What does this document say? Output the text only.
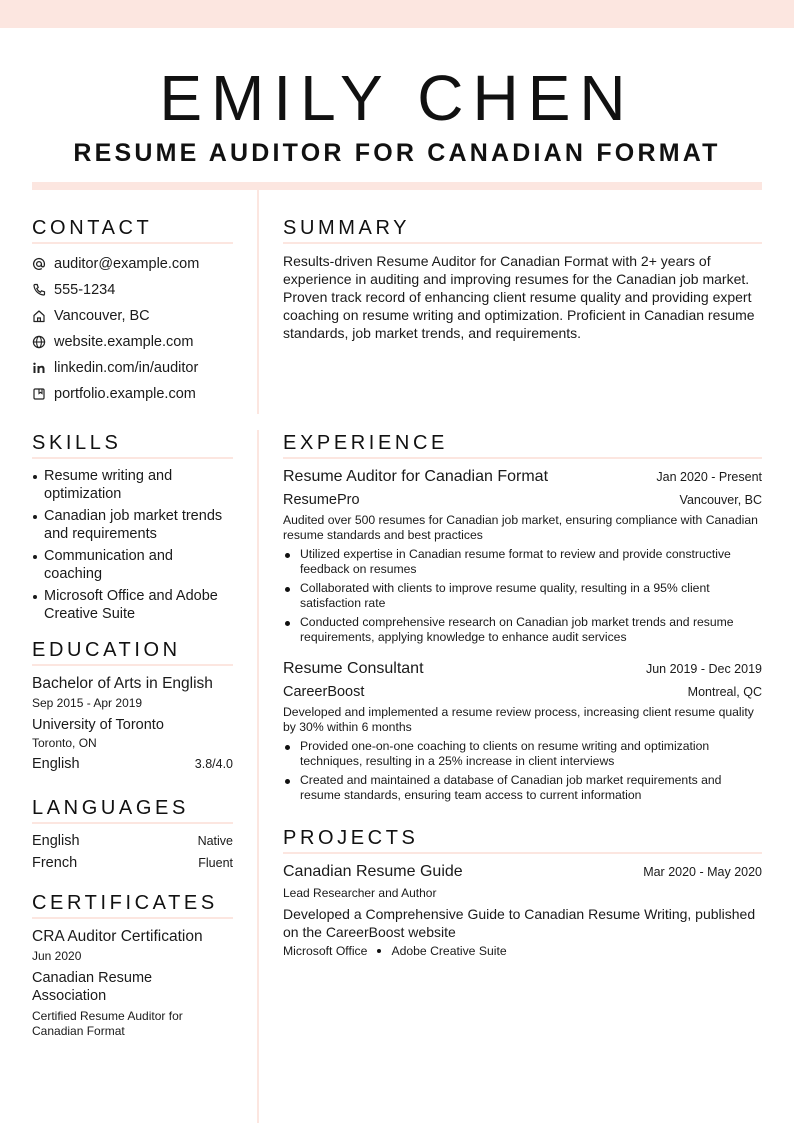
EMILY CHEN
RESUME AUDITOR FOR CANADIAN FORMAT
CONTACT
auditor@example.com
555-1234
Vancouver, BC
website.example.com
linkedin.com/in/auditor
portfolio.example.com
SUMMARY

Results-driven Resume Auditor for Canadian Format with 2+ years of experience in auditing and improving resumes for the Canadian job market. Proven track record of enhancing client resume quality and providing expert coaching on resume writing and optimization. Proficient in Canadian resume standards, job market trends, and requirements.

SKILLS
Resume writing and optimization
Canadian job market trends and requirements
Communication and coaching
Microsoft Office and Adobe Creative Suite
EDUCATION
Bachelor of Arts in English
Sep 2015 - Apr 2019
University of Toronto
Toronto, ON
English	3.8/4.0
LANGUAGES
English	Native
French	Fluent
CERTIFICATES
CRA Auditor Certification
Jun 2020
Canadian Resume Association
Certified Resume Auditor for Canadian Format
EXPERIENCE
Resume Auditor for Canadian Format	Jan 2020 - Present
ResumePro	Vancouver, BC
Audited over 500 resumes for Canadian job market, ensuring compliance with Canadian resume standards and best practices
Utilized expertise in Canadian resume format to review and provide constructive feedback on resumes
Collaborated with clients to improve resume quality, resulting in a 95% client satisfaction rate
Conducted comprehensive research on Canadian job market trends and resume requirements, applying knowledge to enhance audit services
Resume Consultant	Jun 2019 - Dec 2019
CareerBoost	Montreal, QC
Developed and implemented a resume review process, increasing client resume quality by 30% within 6 months
Provided one-on-one coaching to clients on resume writing and optimization techniques, resulting in a 25% increase in client interviews
Created and maintained a database of Canadian job market requirements and resume standards, ensuring team access to current information
PROJECTS
Canadian Resume Guide	Mar 2020 - May 2020
Lead Researcher and Author
Developed a Comprehensive Guide to Canadian Resume Writing, published on the CareerBoost website
Microsoft Office Adobe Creative Suite
